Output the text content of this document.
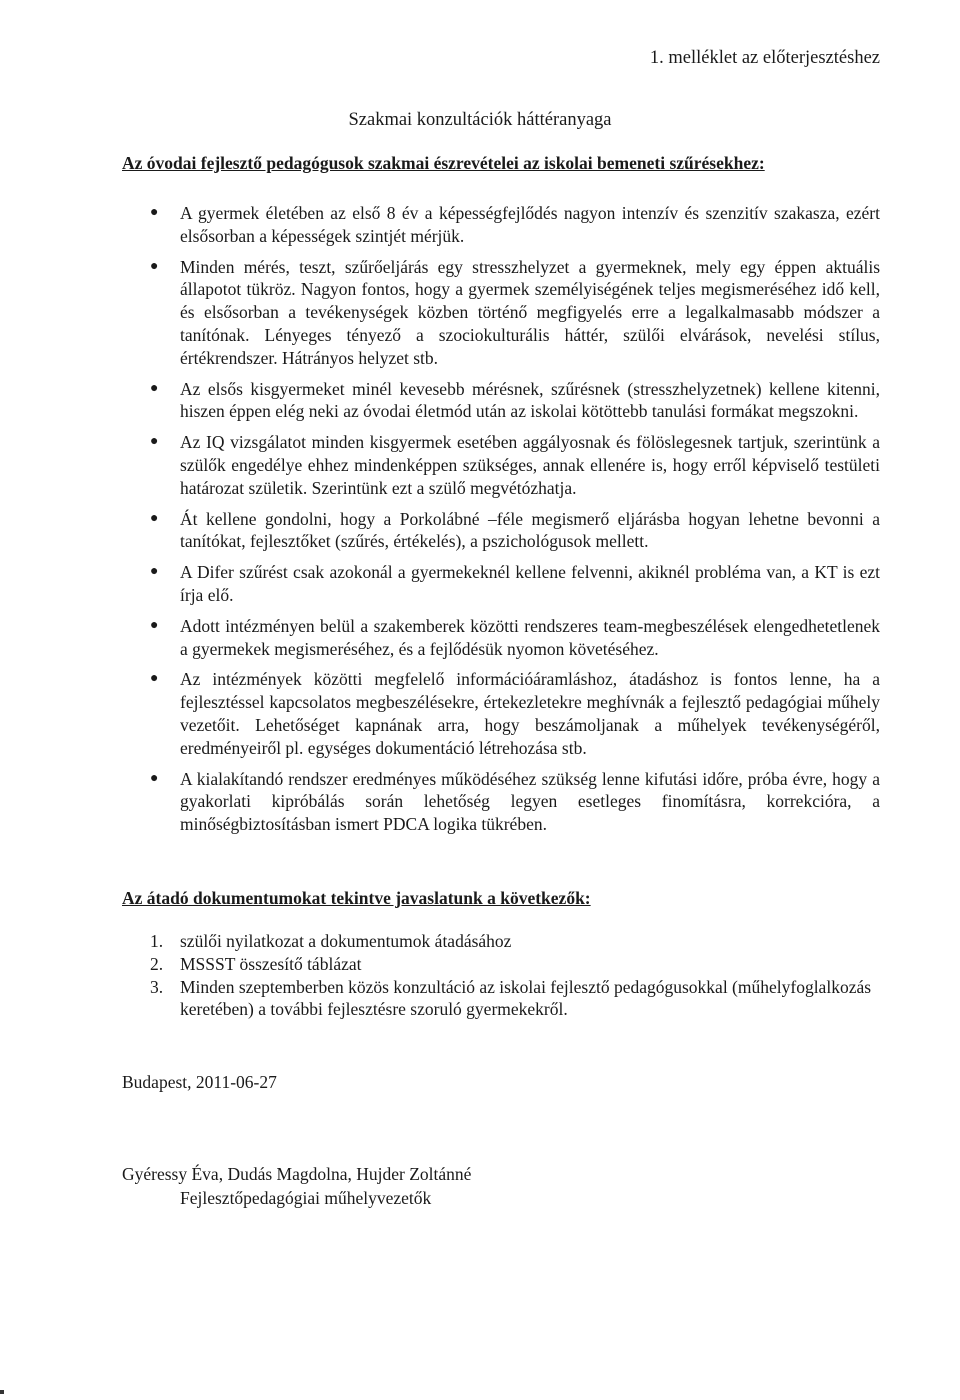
1. melléklet az előterjesztéshez
Szakmai konzultációk háttéranyaga
Az óvodai fejlesztő pedagógusok szakmai észrevételei az iskolai bemeneti szűrésekhez:
● A gyermek életében az első 8 év a képességfejlődés nagyon intenzív és szenzitív szakasza, ezért elsősorban a képességek szintjét mérjük.
● Minden mérés, teszt, szűrőeljárás egy stresszhelyzet a gyermeknek, mely egy éppen aktuális állapotot tükröz. Nagyon fontos, hogy a gyermek személyiségének teljes megismeréséhez idő kell, és elsősorban a tevékenységek közben történő megfigyelés erre a legalkalmasabb módszer a tanítónak. Lényeges tényező a szociokulturális háttér, szülői elvárások, nevelési stílus, értékrendszer. Hátrányos helyzet stb.
● Az elsős kisgyermeket minél kevesebb mérésnek, szűrésnek (stresszhelyzetnek) kellene kitenni, hiszen éppen elég neki az óvodai életmód után az iskolai kötöttebb tanulási formákat megszokni.
● Az IQ vizsgálatot minden kisgyermek esetében aggályosnak és fölöslegesnek tartjuk, szerintünk a szülők engedélye ehhez mindenképpen szükséges, annak ellenére is, hogy erről képviselő testületi határozat születik. Szerintünk ezt a szülő megvétózhatja.
● Át kellene gondolni, hogy a Porkolábné –féle megismerő eljárásba hogyan lehetne bevonni a tanítókat, fejlesztőket (szűrés, értékelés), a pszichológusok mellett.
● A Difer szűrést csak azokonál a gyermekeknél kellene felvenni, akiknél probléma van, a KT is ezt írja elő.
● Adott intézményen belül a szakemberek közötti rendszeres team-megbeszélések elengedhetetlenek a gyermekek megismeréséhez, és a fejlődésük nyomon követéséhez.
● Az intézmények közötti megfelelő információáramláshoz, átadáshoz is fontos lenne, ha a fejlesztéssel kapcsolatos megbeszélésekre, értekezletekre meghívnák a fejlesztő pedagógiai műhely vezetőit. Lehetőséget kapnának arra, hogy beszámoljanak a műhelyek tevékenységéről, eredményeiről pl. egységes dokumentáció létrehozása stb.
● A kialakítandó rendszer eredményes működéséhez szükség lenne kifutási időre, próba évre, hogy a gyakorlati kipróbálás során lehetőség legyen esetleges finomításra, korrekcióra, a minőségbiztosításban ismert PDCA logika tükrében.
Az átadó dokumentumokat tekintve javaslatunk a következők:
1. szülői nyilatkozat a dokumentumok átadásához
2. MSSST összesítő táblázat
3. Minden szeptemberben közös konzultáció az iskolai fejlesztő pedagógusokkal (műhelyfoglalkozás keretében) a további fejlesztésre szoruló gyermekekről.
Budapest, 2011-06-27
Gyéressy Éva, Dudás Magdolna, Hujder Zoltánné
Fejlesztőpedagógiai műhelyvezetők
